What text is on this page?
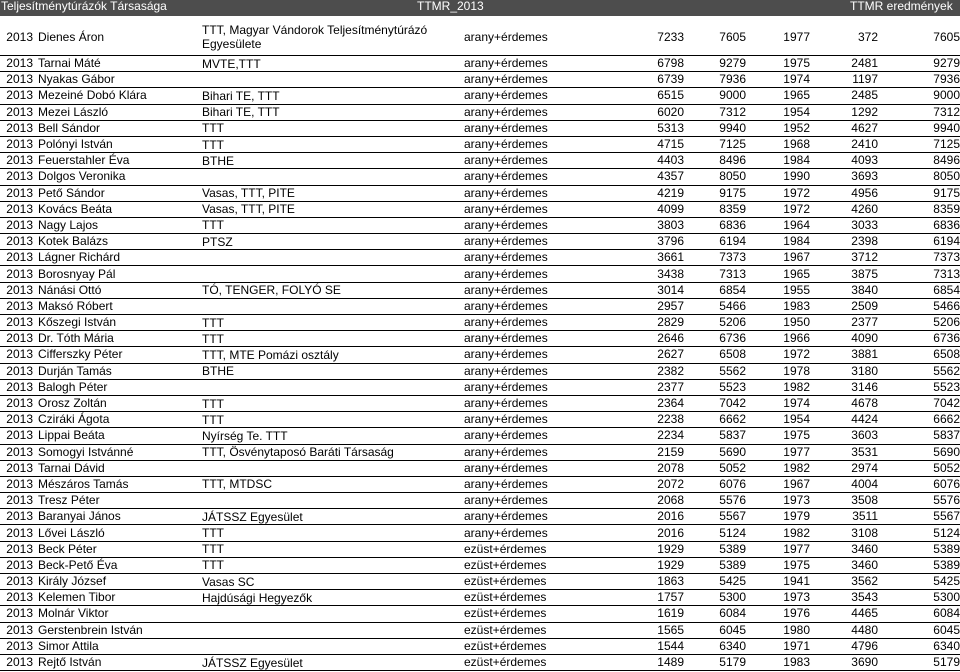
Teljesítménytúrázók Társasága	TTMR_2013	TTMR eredmények
2013	Dienes Áron	TTT, Magyar Vándorok Teljesítménytúrázó Egyesülete	arany+érdemes	7233	7605	1977	372	7605
2013	Tarnai Máté	MVTE,TTT	arany+érdemes	6798	9279	1975	2481	9279
2013	Nyakas Gábor		arany+érdemes	6739	7936	1974	1197	7936
2013	Mezeiné Dobó Klára	Bihari TE, TTT	arany+érdemes	6515	9000	1965	2485	9000
2013	Mezei László	Bihari TE, TTT	arany+érdemes	6020	7312	1954	1292	7312
2013	Bell Sándor	TTT	arany+érdemes	5313	9940	1952	4627	9940
2013	Polónyi István	TTT	arany+érdemes	4715	7125	1968	2410	7125
2013	Feuerstahler Éva	BTHE	arany+érdemes	4403	8496	1984	4093	8496
2013	Dolgos Veronika		arany+érdemes	4357	8050	1990	3693	8050
2013	Pető Sándor	Vasas, TTT, PITE	arany+érdemes	4219	9175	1972	4956	9175
2013	Kovács Beáta	Vasas, TTT, PITE	arany+érdemes	4099	8359	1972	4260	8359
2013	Nagy Lajos	TTT	arany+érdemes	3803	6836	1964	3033	6836
2013	Kotek Balázs	PTSZ	arany+érdemes	3796	6194	1984	2398	6194
2013	Lágner Richárd		arany+érdemes	3661	7373	1967	3712	7373
2013	Borosnyay Pál		arany+érdemes	3438	7313	1965	3875	7313
2013	Nánási Ottó	TÓ, TENGER, FOLYÓ SE	arany+érdemes	3014	6854	1955	3840	6854
2013	Maksó Róbert		arany+érdemes	2957	5466	1983	2509	5466
2013	Kőszegi István	TTT	arany+érdemes	2829	5206	1950	2377	5206
2013	Dr. Tóth Mária	TTT	arany+érdemes	2646	6736	1966	4090	6736
2013	Cifferszky Péter	TTT, MTE Pomázi osztály	arany+érdemes	2627	6508	1972	3881	6508
2013	Durján Tamás	BTHE	arany+érdemes	2382	5562	1978	3180	5562
2013	Balogh Péter		arany+érdemes	2377	5523	1982	3146	5523
2013	Orosz Zoltán	TTT	arany+érdemes	2364	7042	1974	4678	7042
2013	Cziráki Ágota	TTT	arany+érdemes	2238	6662	1954	4424	6662
2013	Lippai Beáta	Nyírség Te. TTT	arany+érdemes	2234	5837	1975	3603	5837
2013	Somogyi Istvánné	TTT, Ösvénytaposó Baráti Társaság	arany+érdemes	2159	5690	1977	3531	5690
2013	Tarnai Dávid		arany+érdemes	2078	5052	1982	2974	5052
2013	Mészáros Tamás	TTT, MTDSC	arany+érdemes	2072	6076	1967	4004	6076
2013	Tresz Péter		arany+érdemes	2068	5576	1973	3508	5576
2013	Baranyai János	JÁTSSZ Egyesület	arany+érdemes	2016	5567	1979	3511	5567
2013	Lővei László	TTT	arany+érdemes	2016	5124	1982	3108	5124
2013	Beck Péter	TTT	ezüst+érdemes	1929	5389	1977	3460	5389
2013	Beck-Pető Éva	TTT	ezüst+érdemes	1929	5389	1975	3460	5389
2013	Király József	Vasas SC	ezüst+érdemes	1863	5425	1941	3562	5425
2013	Kelemen Tibor	Hajdúsági Hegyezők	ezüst+érdemes	1757	5300	1973	3543	5300
2013	Molnár Viktor		ezüst+érdemes	1619	6084	1976	4465	6084
2013	Gerstenbrein István		ezüst+érdemes	1565	6045	1980	4480	6045
2013	Simor Attila		ezüst+érdemes	1544	6340	1971	4796	6340
2013	Rejtő István	JÁTSSZ Egyesület	ezüst+érdemes	1489	5179	1983	3690	5179
